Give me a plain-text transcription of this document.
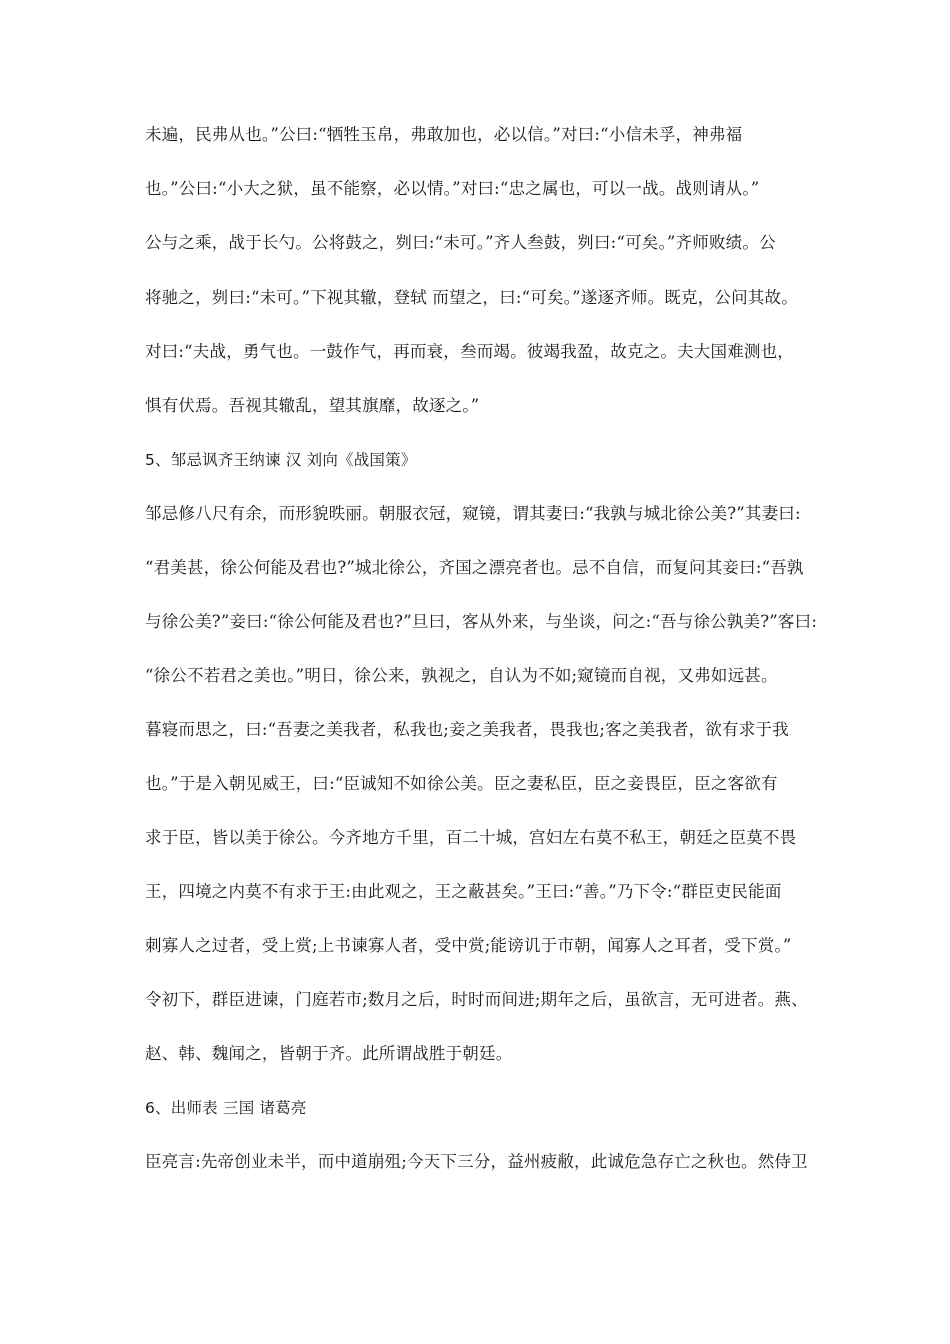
未遍，民弗从也。”公曰:“牺牲玉帛，弗敢加也，必以信。”对曰:“小信未孚，神弗福
也。”公曰:“小大之狱，虽不能察，必以情。”对曰:“忠之属也，可以一战。战则请从。”
公与之乘，战于长勺。公将鼓之，刿曰:“未可。”齐人叁鼓，刿曰:“可矣。”齐师败绩。公
将驰之，刿曰:“未可。”下视其辙，登轼 而望之，曰:“可矣。”遂逐齐师。既克，公问其故。
对曰:“夫战，勇气也。一鼓作气，再而衰，叁而竭。彼竭我盈，故克之。夫大国难测也，
惧有伏焉。吾视其辙乱，望其旗靡，故逐之。”
5、邹忌讽齐王纳谏 汉 刘向《战国策》
邹忌修八尺有余，而形貌昳丽。朝服衣冠，窥镜，谓其妻曰:“我孰与城北徐公美?”其妻曰:
“君美甚，徐公何能及君也?”城北徐公，齐国之漂亮者也。忌不自信，而复问其妾曰:“吾孰
与徐公美?”妾曰:“徐公何能及君也?”旦曰，客从外来，与坐谈，问之:“吾与徐公孰美?”客曰:
“徐公不若君之美也。”明日，徐公来，孰视之，自认为不如;窥镜而自视，又弗如远甚。
暮寝而思之，曰:“吾妻之美我者，私我也;妾之美我者，畏我也;客之美我者，欲有求于我
也。”于是入朝见威王，曰:“臣诚知不如徐公美。臣之妻私臣，臣之妾畏臣，臣之客欲有
求于臣，皆以美于徐公。今齐地方千里，百二十城，宫妇左右莫不私王，朝廷之臣莫不畏
王，四境之内莫不有求于王:由此观之，王之蔽甚矣。”王曰:“善。”乃下令:“群臣吏民能面
刺寡人之过者，受上赏;上书谏寡人者，受中赏;能谤讥于市朝，闻寡人之耳者，受下赏。”
令初下，群臣进谏，门庭若市;数月之后，时时而间进;期年之后，虽欲言，无可进者。燕、
赵、韩、魏闻之，皆朝于齐。此所谓战胜于朝廷。
6、出师表 三国 诸葛亮
臣亮言:先帝创业未半，而中道崩殂;今天下三分，益州疲敝，此诚危急存亡之秋也。然侍卫
